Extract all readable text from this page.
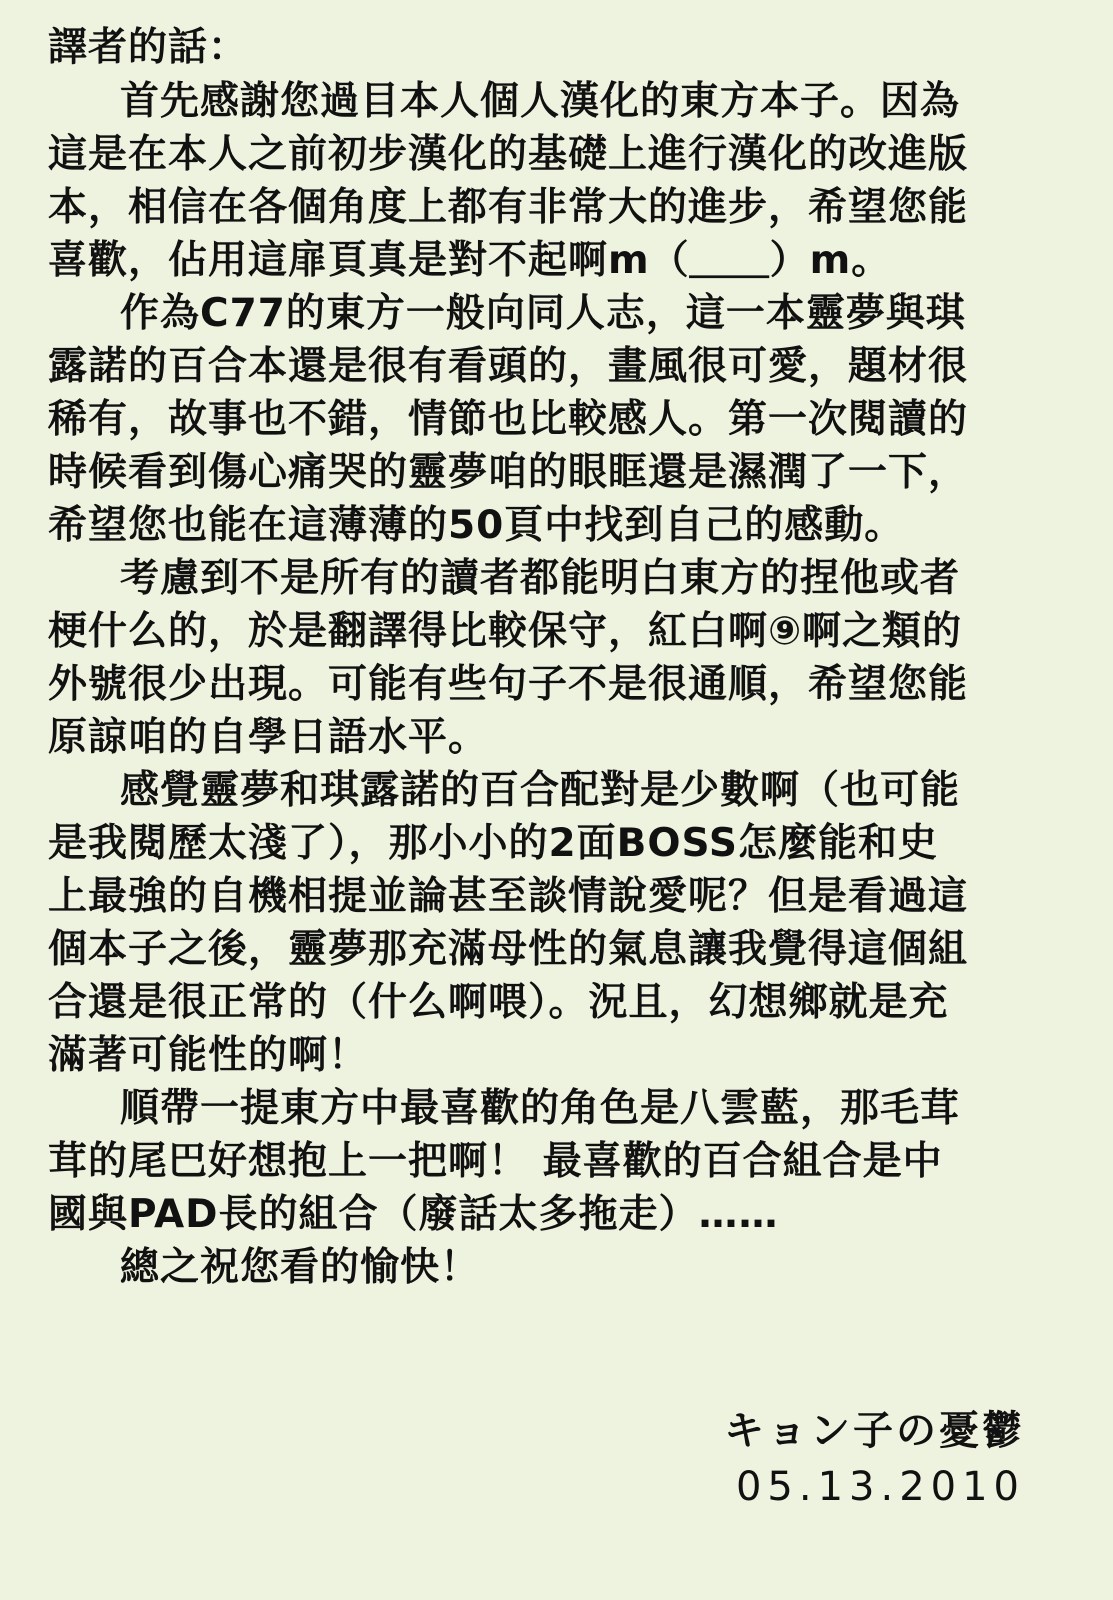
譯者的話：
首先感謝您過目本人個人漢化的東方本子。因為
這是在本人之前初步漢化的基礎上進行漢化的改進版
本，相信在各個角度上都有非常大的進步，希望您能
喜歡，佔用這扉頁真是對不起啊m（＿＿）m。
作為C77的東方一般向同人志，這一本靈夢與琪
露諾的百合本還是很有看頭的，畫風很可愛，題材很
稀有，故事也不錯，情節也比較感人。第一次閱讀的
時候看到傷心痛哭的靈夢咱的眼眶還是濕潤了一下，
希望您也能在這薄薄的50頁中找到自己的感動。
考慮到不是所有的讀者都能明白東方的捏他或者
梗什么的，於是翻譯得比較保守，紅白啊⑨啊之類的
外號很少出現。可能有些句子不是很通順，希望您能
原諒咱的自學日語水平。
感覺靈夢和琪露諾的百合配對是少數啊（也可能
是我閱歷太淺了），那小小的2面BOSS怎麼能和史
上最強的自機相提並論甚至談情說愛呢？但是看過這
個本子之後，靈夢那充滿母性的氣息讓我覺得這個組
合還是很正常的（什么啊喂）。況且，幻想鄉就是充
滿著可能性的啊！
順帶一提東方中最喜歡的角色是八雲藍，那毛茸
茸的尾巴好想抱上一把啊！ 最喜歡的百合組合是中
國與PAD長的組合（廢話太多拖走）……
總之祝您看的愉快！
キョン子の憂鬱
05.13.2010
